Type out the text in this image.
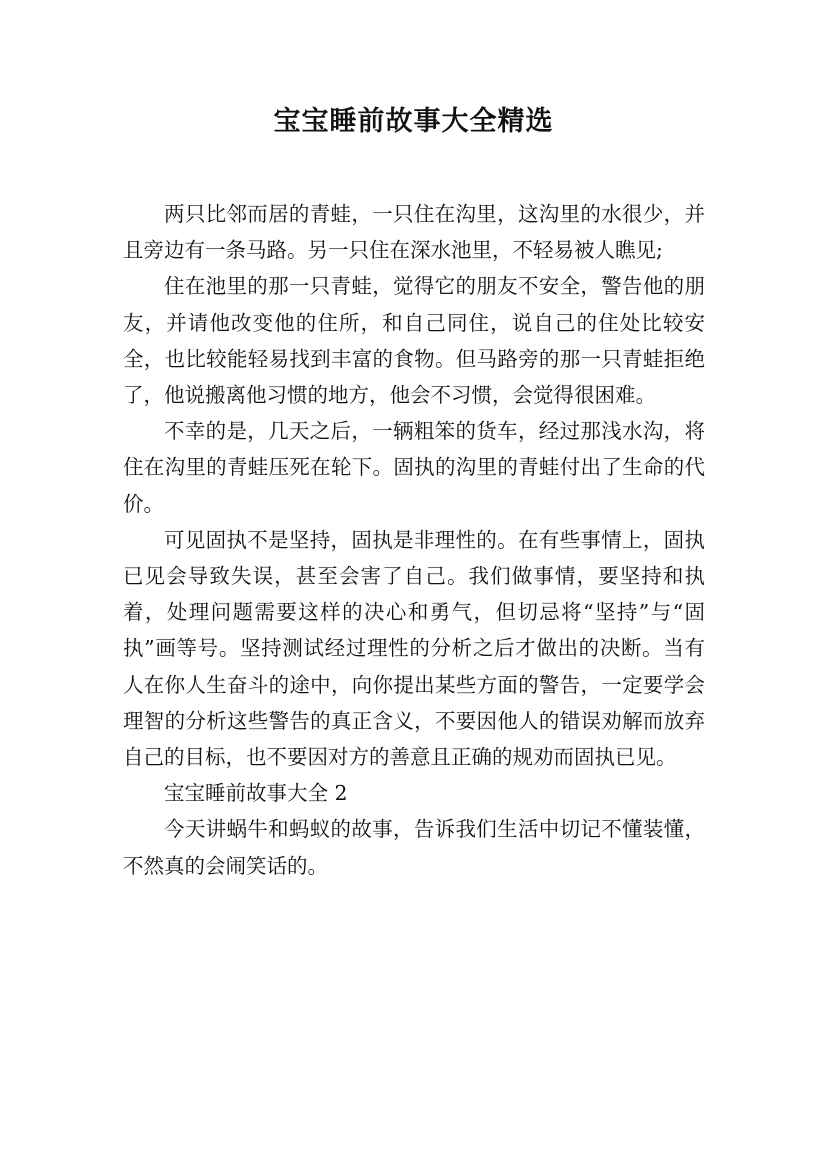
宝宝睡前故事大全精选

两只比邻而居的青蛙，一只住在沟里，这沟里的水很少，并且旁边有一条马路。另一只住在深水池里，不轻易被人瞧见;

住在池里的那一只青蛙，觉得它的朋友不安全，警告他的朋友，并请他改变他的住所，和自己同住，说自己的住处比较安全，也比较能轻易找到丰富的食物。但马路旁的那一只青蛙拒绝了，他说搬离他习惯的地方，他会不习惯，会觉得很困难。

不幸的是，几天之后，一辆粗笨的货车，经过那浅水沟，将住在沟里的青蛙压死在轮下。固执的沟里的青蛙付出了生命的代价。

可见固执不是坚持，固执是非理性的。在有些事情上，固执已见会导致失误，甚至会害了自己。我们做事情，要坚持和执着，处理问题需要这样的决心和勇气，但切忌将“坚持”与“固执”画等号。坚持测试经过理性的分析之后才做出的决断。当有人在你人生奋斗的途中，向你提出某些方面的警告，一定要学会理智的分析这些警告的真正含义，不要因他人的错误劝解而放弃自己的目标，也不要因对方的善意且正确的规劝而固执已见。

宝宝睡前故事大全 2

今天讲蜗牛和蚂蚁的故事，告诉我们生活中切记不懂装懂，不然真的会闹笑话的。
